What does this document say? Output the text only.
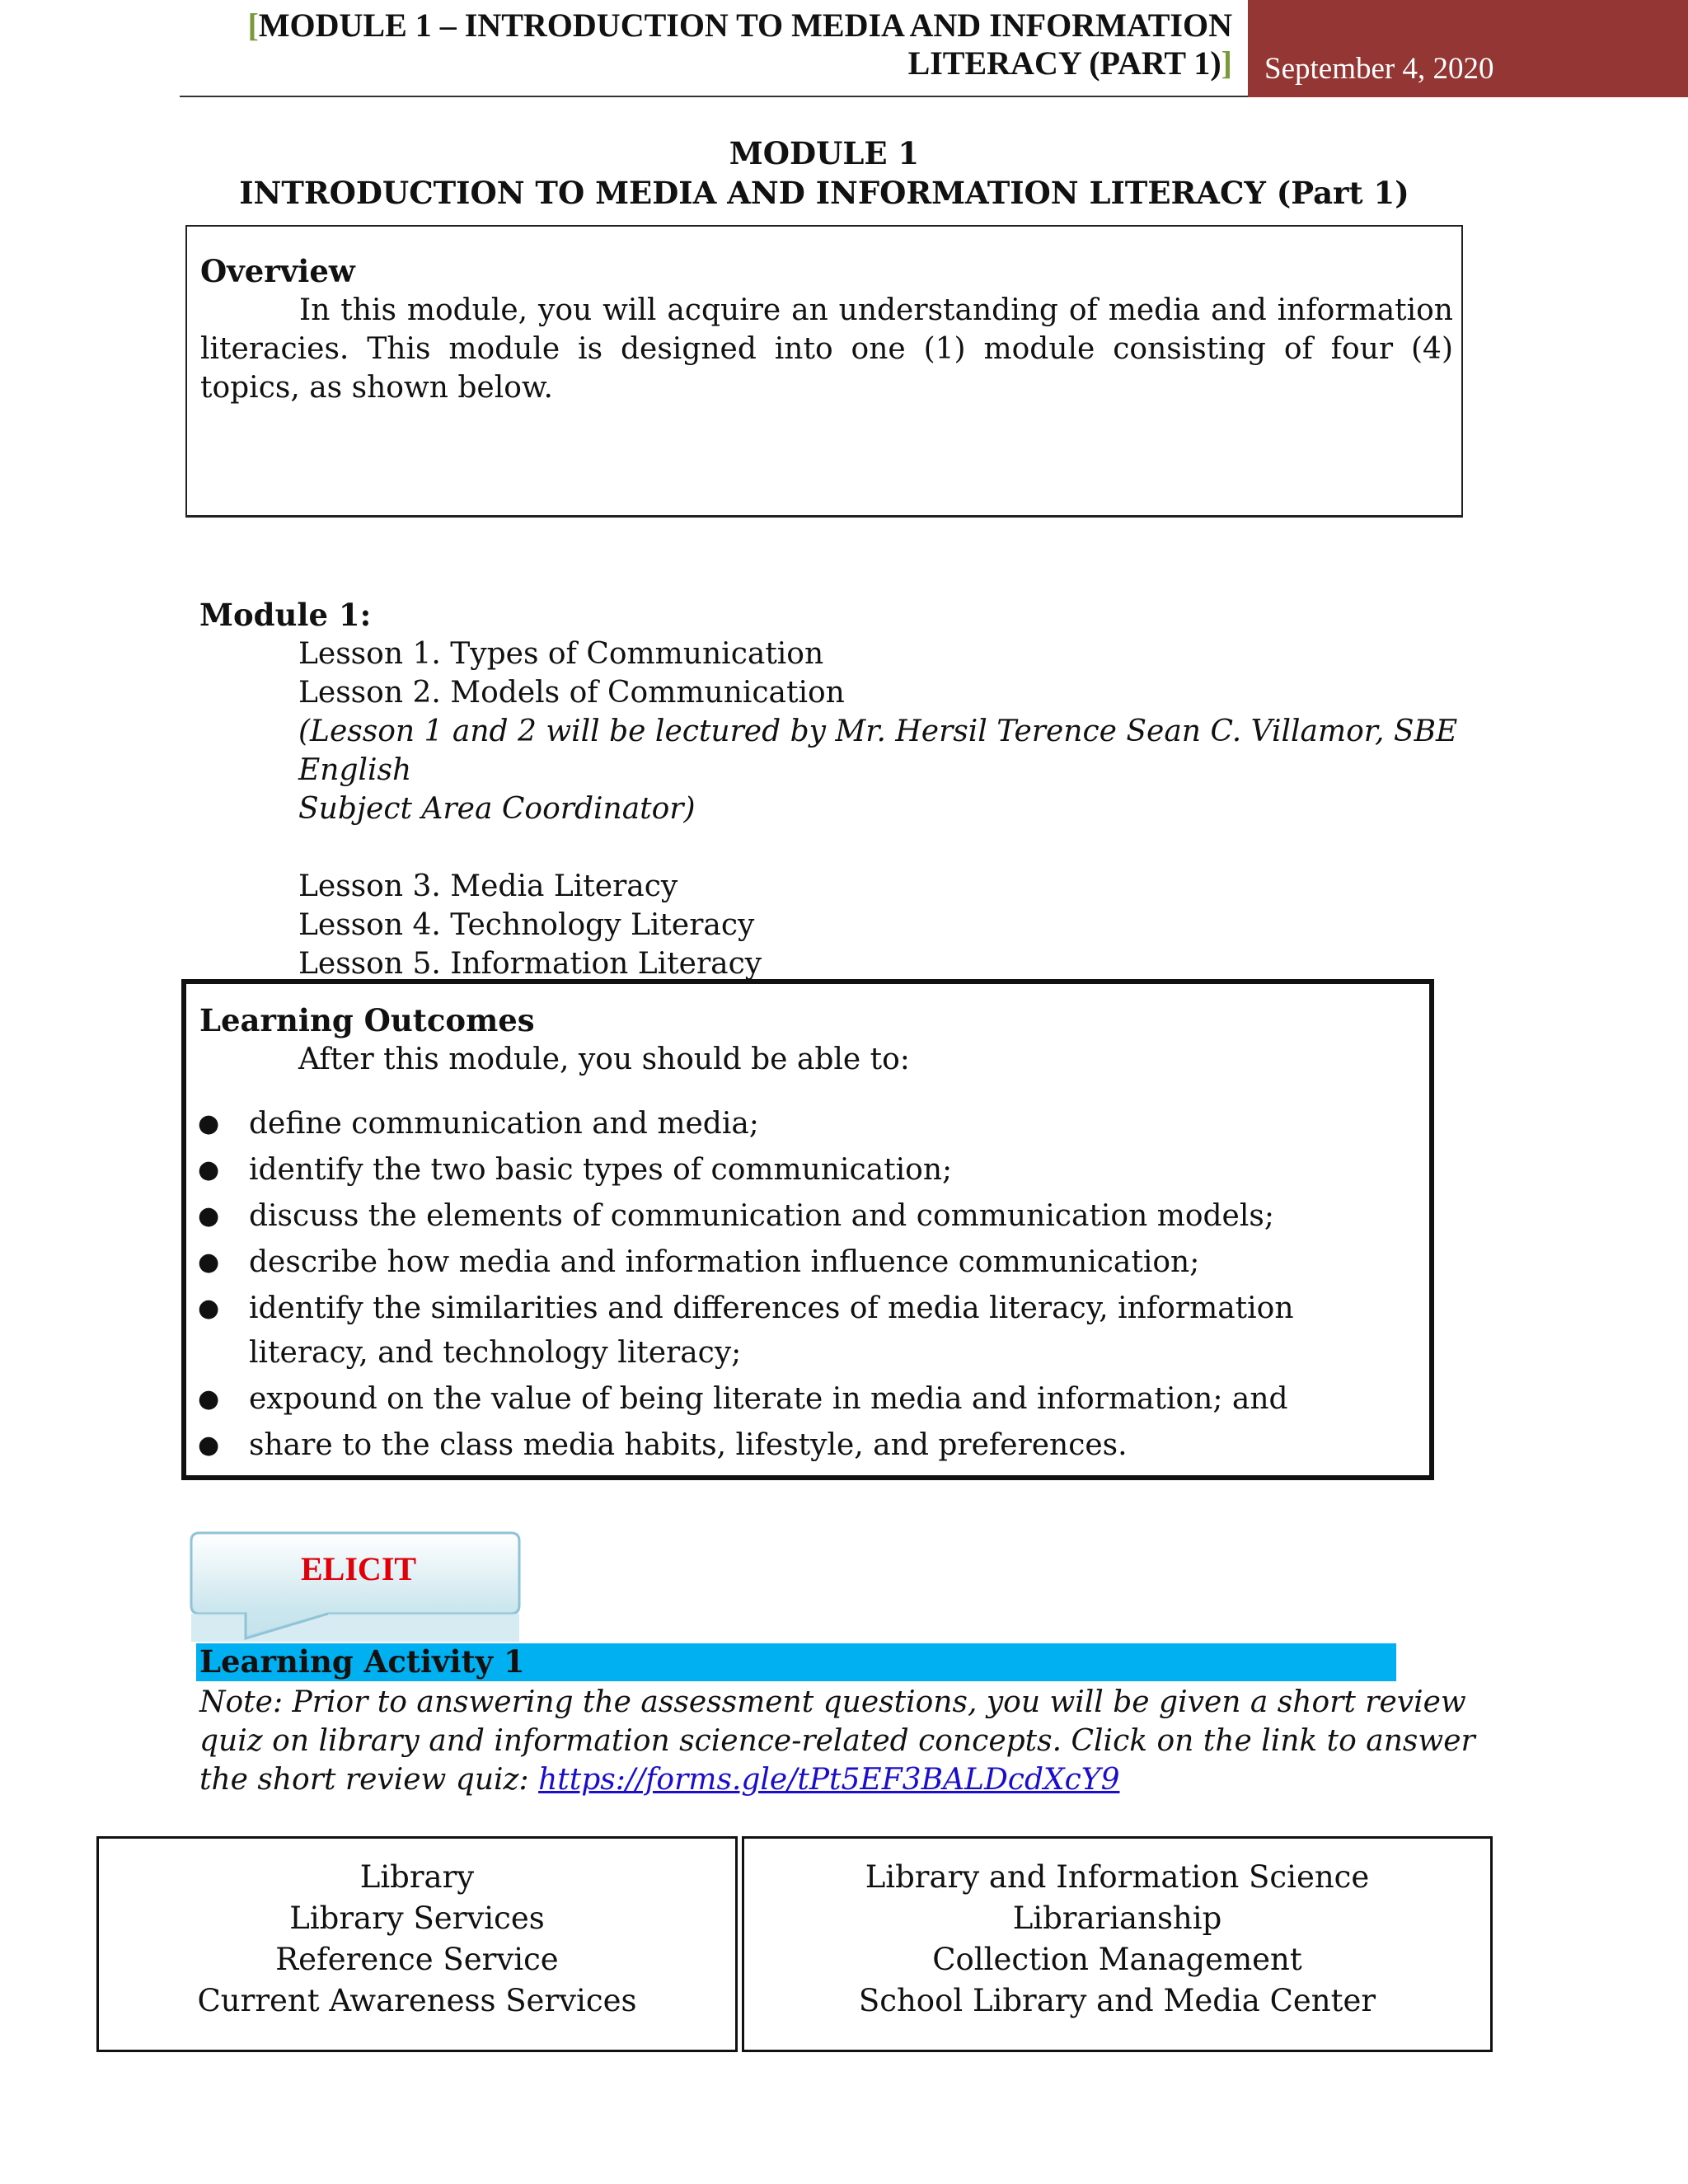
[MODULE 1 – INTRODUCTION TO MEDIA AND INFORMATION
LITERACY (PART 1)]	September 4, 2020
MODULE 1
INTRODUCTION TO MEDIA AND INFORMATION LITERACY (Part 1)
Overview

In this module, you will acquire an understanding of media and information literacies. This module is designed into one (1) module consisting of four (4) topics, as shown below.

Module 1:
Lesson 1. Types of Communication
Lesson 2. Models of Communication
(Lesson 1 and 2 will be lectured by Mr. Hersil Terence Sean C. Villamor, SBE English
Subject Area Coordinator)
Lesson 3. Media Literacy
Lesson 4. Technology Literacy
Lesson 5. Information Literacy
Learning Outcomes
After this module, you should be able to:
● define communication and media;
● identify the two basic types of communication;
● discuss the elements of communication and communication models;
● describe how media and information influence communication;
● identify the similarities and differences of media literacy, information literacy, and technology literacy;
● expound on the value of being literate in media and information; and
● share to the class media habits, lifestyle, and preferences.
ELICIT
Learning Activity 1
Note: Prior to answering the assessment questions, you will be given a short review quiz on library and information science-related concepts. Click on the link to answer the short review quiz: https://forms.gle/tPt5EF3BALDcdXcY9
Library
Library Services
Reference Service
Current Awareness Services
Library and Information Science
Librarianship
Collection Management
School Library and Media Center
